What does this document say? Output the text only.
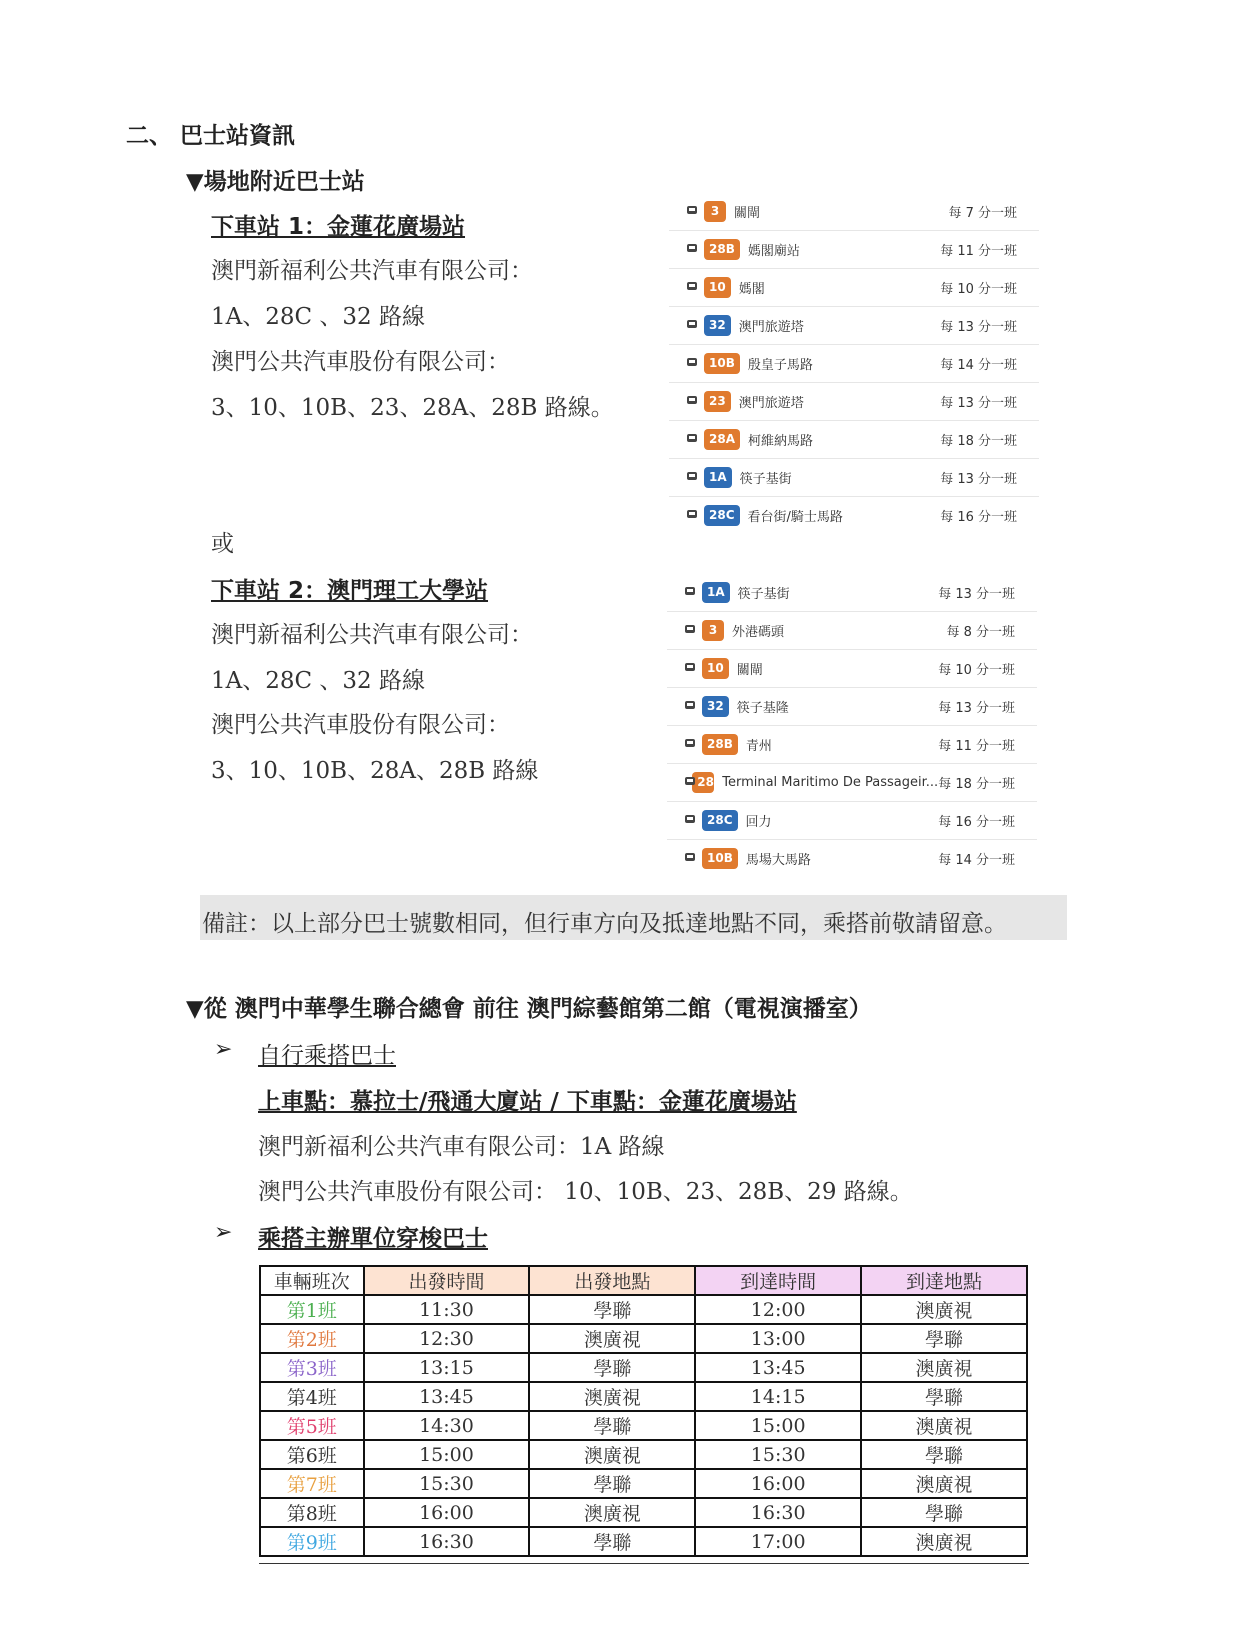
二、 巴士站資訊
▼場地附近巴士站
下車站 1：金蓮花廣場站
澳門新福利公共汽車有限公司：
1A、28C 、32 路線
澳門公共汽車股份有限公司：
3、10、10B、23、28A、28B 路線。
3	關閘	每 7 分一班
28B	媽閣廟站	每 11 分一班
10	媽閣	每 10 分一班
32	澳門旅遊塔	每 13 分一班
10B	殷皇子馬路	每 14 分一班
23	澳門旅遊塔	每 13 分一班
28A	柯維納馬路	每 18 分一班
1A	筷子基街	每 13 分一班
28C	看台街/騎士馬路	每 16 分一班
或
下車站 2：澳門理工大學站
澳門新福利公共汽車有限公司：
1A、28C 、32 路線
澳門公共汽車股份有限公司：
3、10、10B、28A、28B 路線
1A	筷子基街	每 13 分一班
3	外港碼頭	每 8 分一班
10	關閘	每 10 分一班
32	筷子基隆	每 13 分一班
28B	青州	每 11 分一班
28A Terminal Maritimo De Passageir... 每 18 分一班
28C	回力	每 16 分一班
10B	馬場大馬路	每 14 分一班
備註：以上部分巴士號數相同，但行車方向及抵達地點不同，乘搭前敬請留意。
▼從 澳門中華學生聯合總會 前往 澳門綜藝館第二館（電視演播室）
➢ 自行乘搭巴士
上車點：慕拉士/飛通大廈站 / 下車點：金蓮花廣場站
澳門新福利公共汽車有限公司：1A 路線
澳門公共汽車股份有限公司： 10、10B、23、28B、29 路線。
➢ 乘搭主辦單位穿梭巴士
車輛班次	出發時間	出發地點	到達時間	到達地點
第1班	11:30	學聯	12:00	澳廣視
第2班	12:30	澳廣視	13:00	學聯
第3班	13:15	學聯	13:45	澳廣視
第4班	13:45	澳廣視	14:15	學聯
第5班	14:30	學聯	15:00	澳廣視
第6班	15:00	澳廣視	15:30	學聯
第7班	15:30	學聯	16:00	澳廣視
第8班	16:00	澳廣視	16:30	學聯
第9班	16:30	學聯	17:00	澳廣視
